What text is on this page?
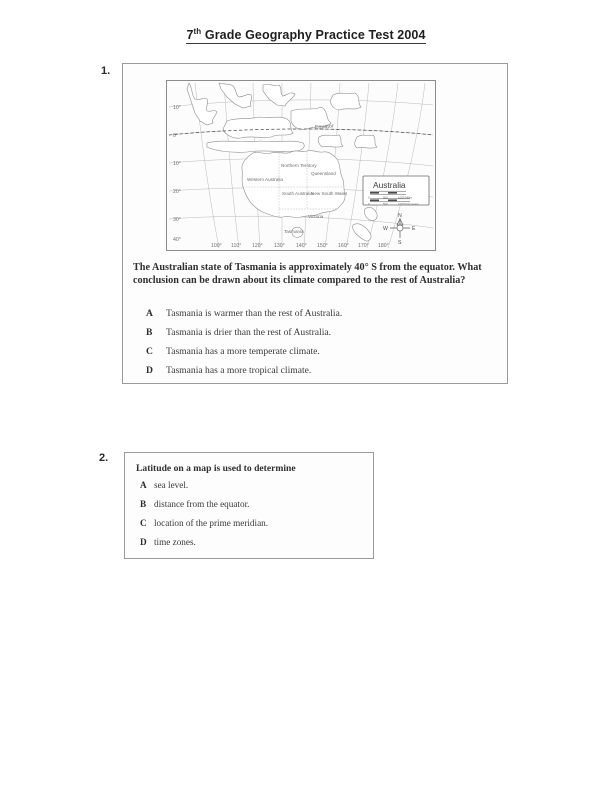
7th Grade Geography Practice Test 2004
1.
Equator
10°
0°
10°
20°
30°
40°
100° 110° 120° 130° 140° 150° 160° 170° 180°
Western Australia
Northern Territory
Queensland
South Australia
New South Wales
Victoria
Tasmania
Australia
0	500	1000 Miles
0	500	1000 Kilometers
N
S
W	E
The Australian state of Tasmania is approximately 40° S from the equator. What conclusion can be drawn about its climate compared to the rest of Australia?
A Tasmania is warmer than the rest of Australia.
B Tasmania is drier than the rest of Australia.
C Tasmania has a more temperate climate.
D Tasmania has a more tropical climate.
2.
Latitude on a map is used to determine
A sea level.
B distance from the equator.
C location of the prime meridian.
D time zones.
